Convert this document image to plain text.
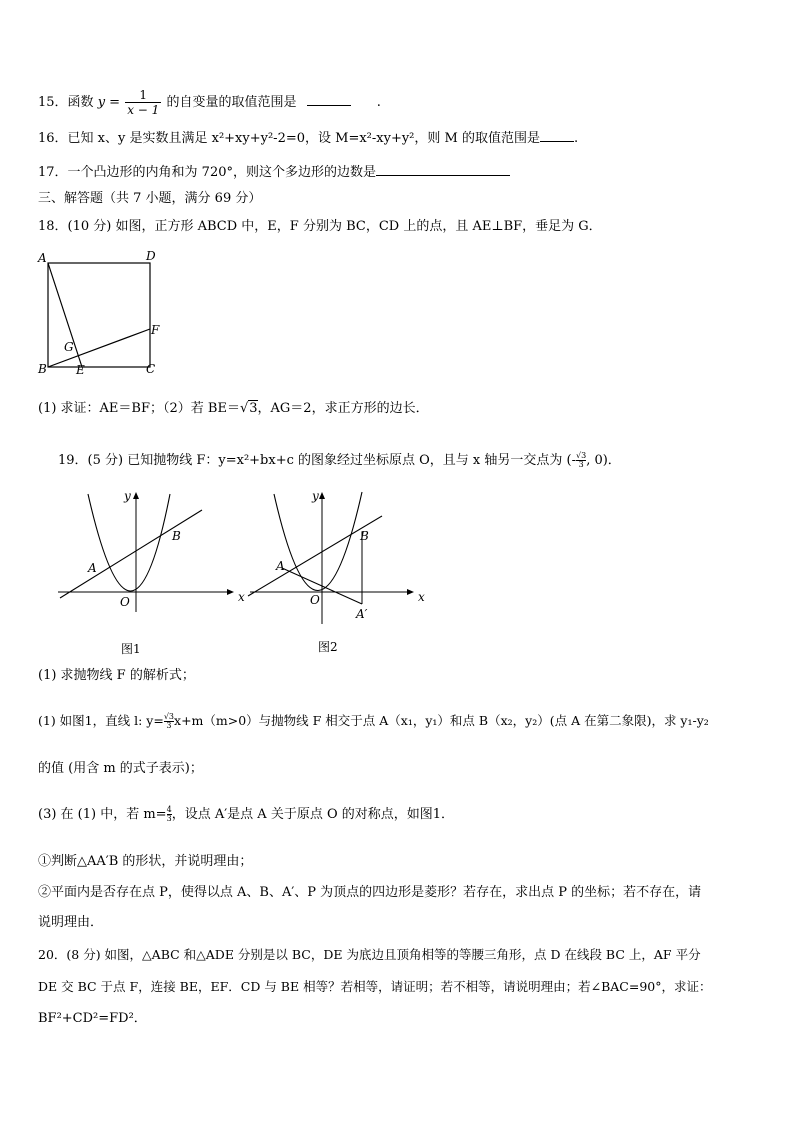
15．函数 $y = \frac{1}{x - 1}$ 的自变量的取值范围是	.
16．已知 x、y 是实数且满足 x²+xy+y²-2=0，设 M=x²-xy+y²，则 M 的取值范围是	.
17．一个凸边形的内角和为 720°，则这个多边形的边数是
三、解答题（共 7 小题，满分 69 分）
18．(10 分) 如图，正方形 ABCD 中，E，F 分别为 BC，CD 上的点，且 AE⊥BF，垂足为 G．
A	D
F
G
B E	C
(1) 求证：AE＝BF；（2）若 BE＝√3，AG＝2，求正方形的边长．
19．(5 分) 已知抛物线 F：y=x²+bx+c 的图象经过坐标原点 O，且与 x 轴另一交点为 (- $\frac{√3}{3}$ , 0)．
x
y
O
A
B
图1
x
y
O
A
B
A′
图2
(1) 求抛物线 F 的解析式；
(1) 如图1，直线 l: $y= \frac{√3}{3} x+m(m>0)$与抛物线 F 相交于点 A（x₁，y₁）和点 B（x₂，y₂）(点 A 在第二象限)，求 y₁-y₂
的值 (用含 m 的式子表示)；
(3) 在 (1) 中，若 $m= \frac{4}{3}$ ，设点 A′是点 A 关于原点 O 的对称点，如图1．
①判断△AA′B 的形状，并说明理由；
②平面内是否存在点 P，使得以点 A、B、A′、P 为顶点的四边形是菱形？若存在，求出点 P 的坐标；若不存在，请
说明理由．
20．(8 分) 如图，△ABC 和△ADE 分别是以 BC，DE 为底边且顶角相等的等腰三角形，点 D 在线段 BC 上，AF 平分
DE 交 BC 于点 F，连接 BE，EF．CD 与 BE 相等？若相等，请证明；若不相等，请说明理由；若∠BAC=90°，求证：
BF²+CD²=FD²．
